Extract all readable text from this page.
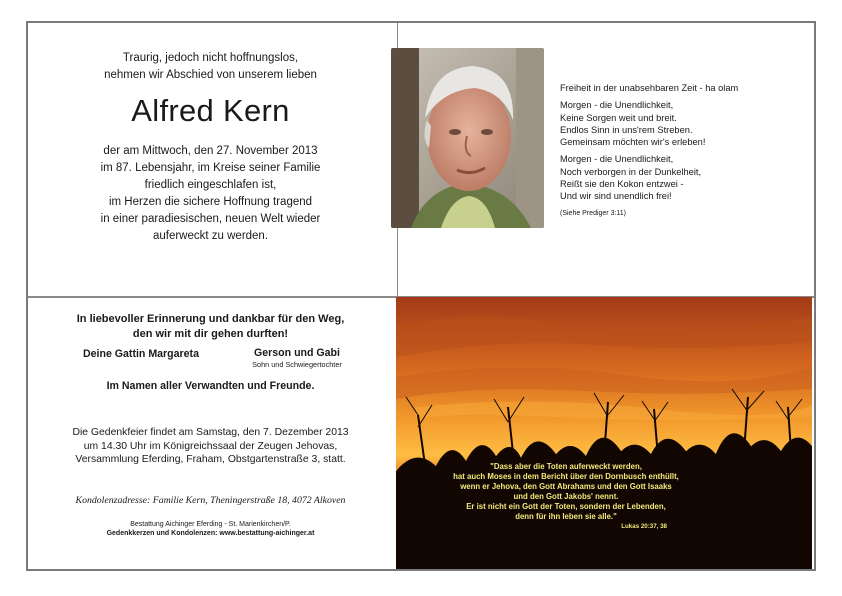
Traurig, jedoch nicht hoffnungslos,
nehmen wir Abschied von unserem lieben
Alfred Kern
der am Mittwoch, den 27. November 2013
im 87. Lebensjahr, im Kreise seiner Familie
friedlich eingeschlafen ist,
im Herzen die sichere Hoffnung tragend
in einer paradiesischen, neuen Welt wieder
auferweckt zu werden.

Freiheit in der unabsehbaren Zeit - ha olam

Morgen - die Unendlichkeit,
Keine Sorgen weit und breit.
Endlos Sinn in uns'rem Streben.
Gemeinsam möchten wir's erleben!

Morgen - die Unendlichkeit,
Noch verborgen in der Dunkelheit,
Reißt sie den Kokon entzwei -
Und wir sind unendlich frei!

(Siehe Prediger 3:11)

In liebevoller Erinnerung und dankbar für den Weg,
den wir mit dir gehen durften!
Deine Gattin Margareta	Gerson und Gabi
Sohn und Schwiegertochter
Im Namen aller Verwandten und Freunde.
Die Gedenkfeier findet am Samstag, den 7. Dezember 2013
um 14.30 Uhr im Königreichssaal der Zeugen Jehovas,
Versammlung Eferding, Fraham, Obstgartenstraße 3, statt.
Kondolenzadresse: Familie Kern, Theningerstraße 18, 4072 Alkoven
Bestattung Aichinger Eferding - St. Marienkirchen/P.
Gedenkkerzen und Kondolenzen: www.bestattung-aichinger.at
"Dass aber die Toten auferweckt werden,
hat auch Moses in dem Bericht über den Dornbusch enthüllt,
wenn er Jehova, den Gott Abrahams und den Gott Isaaks
und den Gott Jakobs' nennt.
Er ist nicht ein Gott der Toten, sondern der Lebenden,
denn für ihn leben sie alle."
Lukas 20:37, 38
